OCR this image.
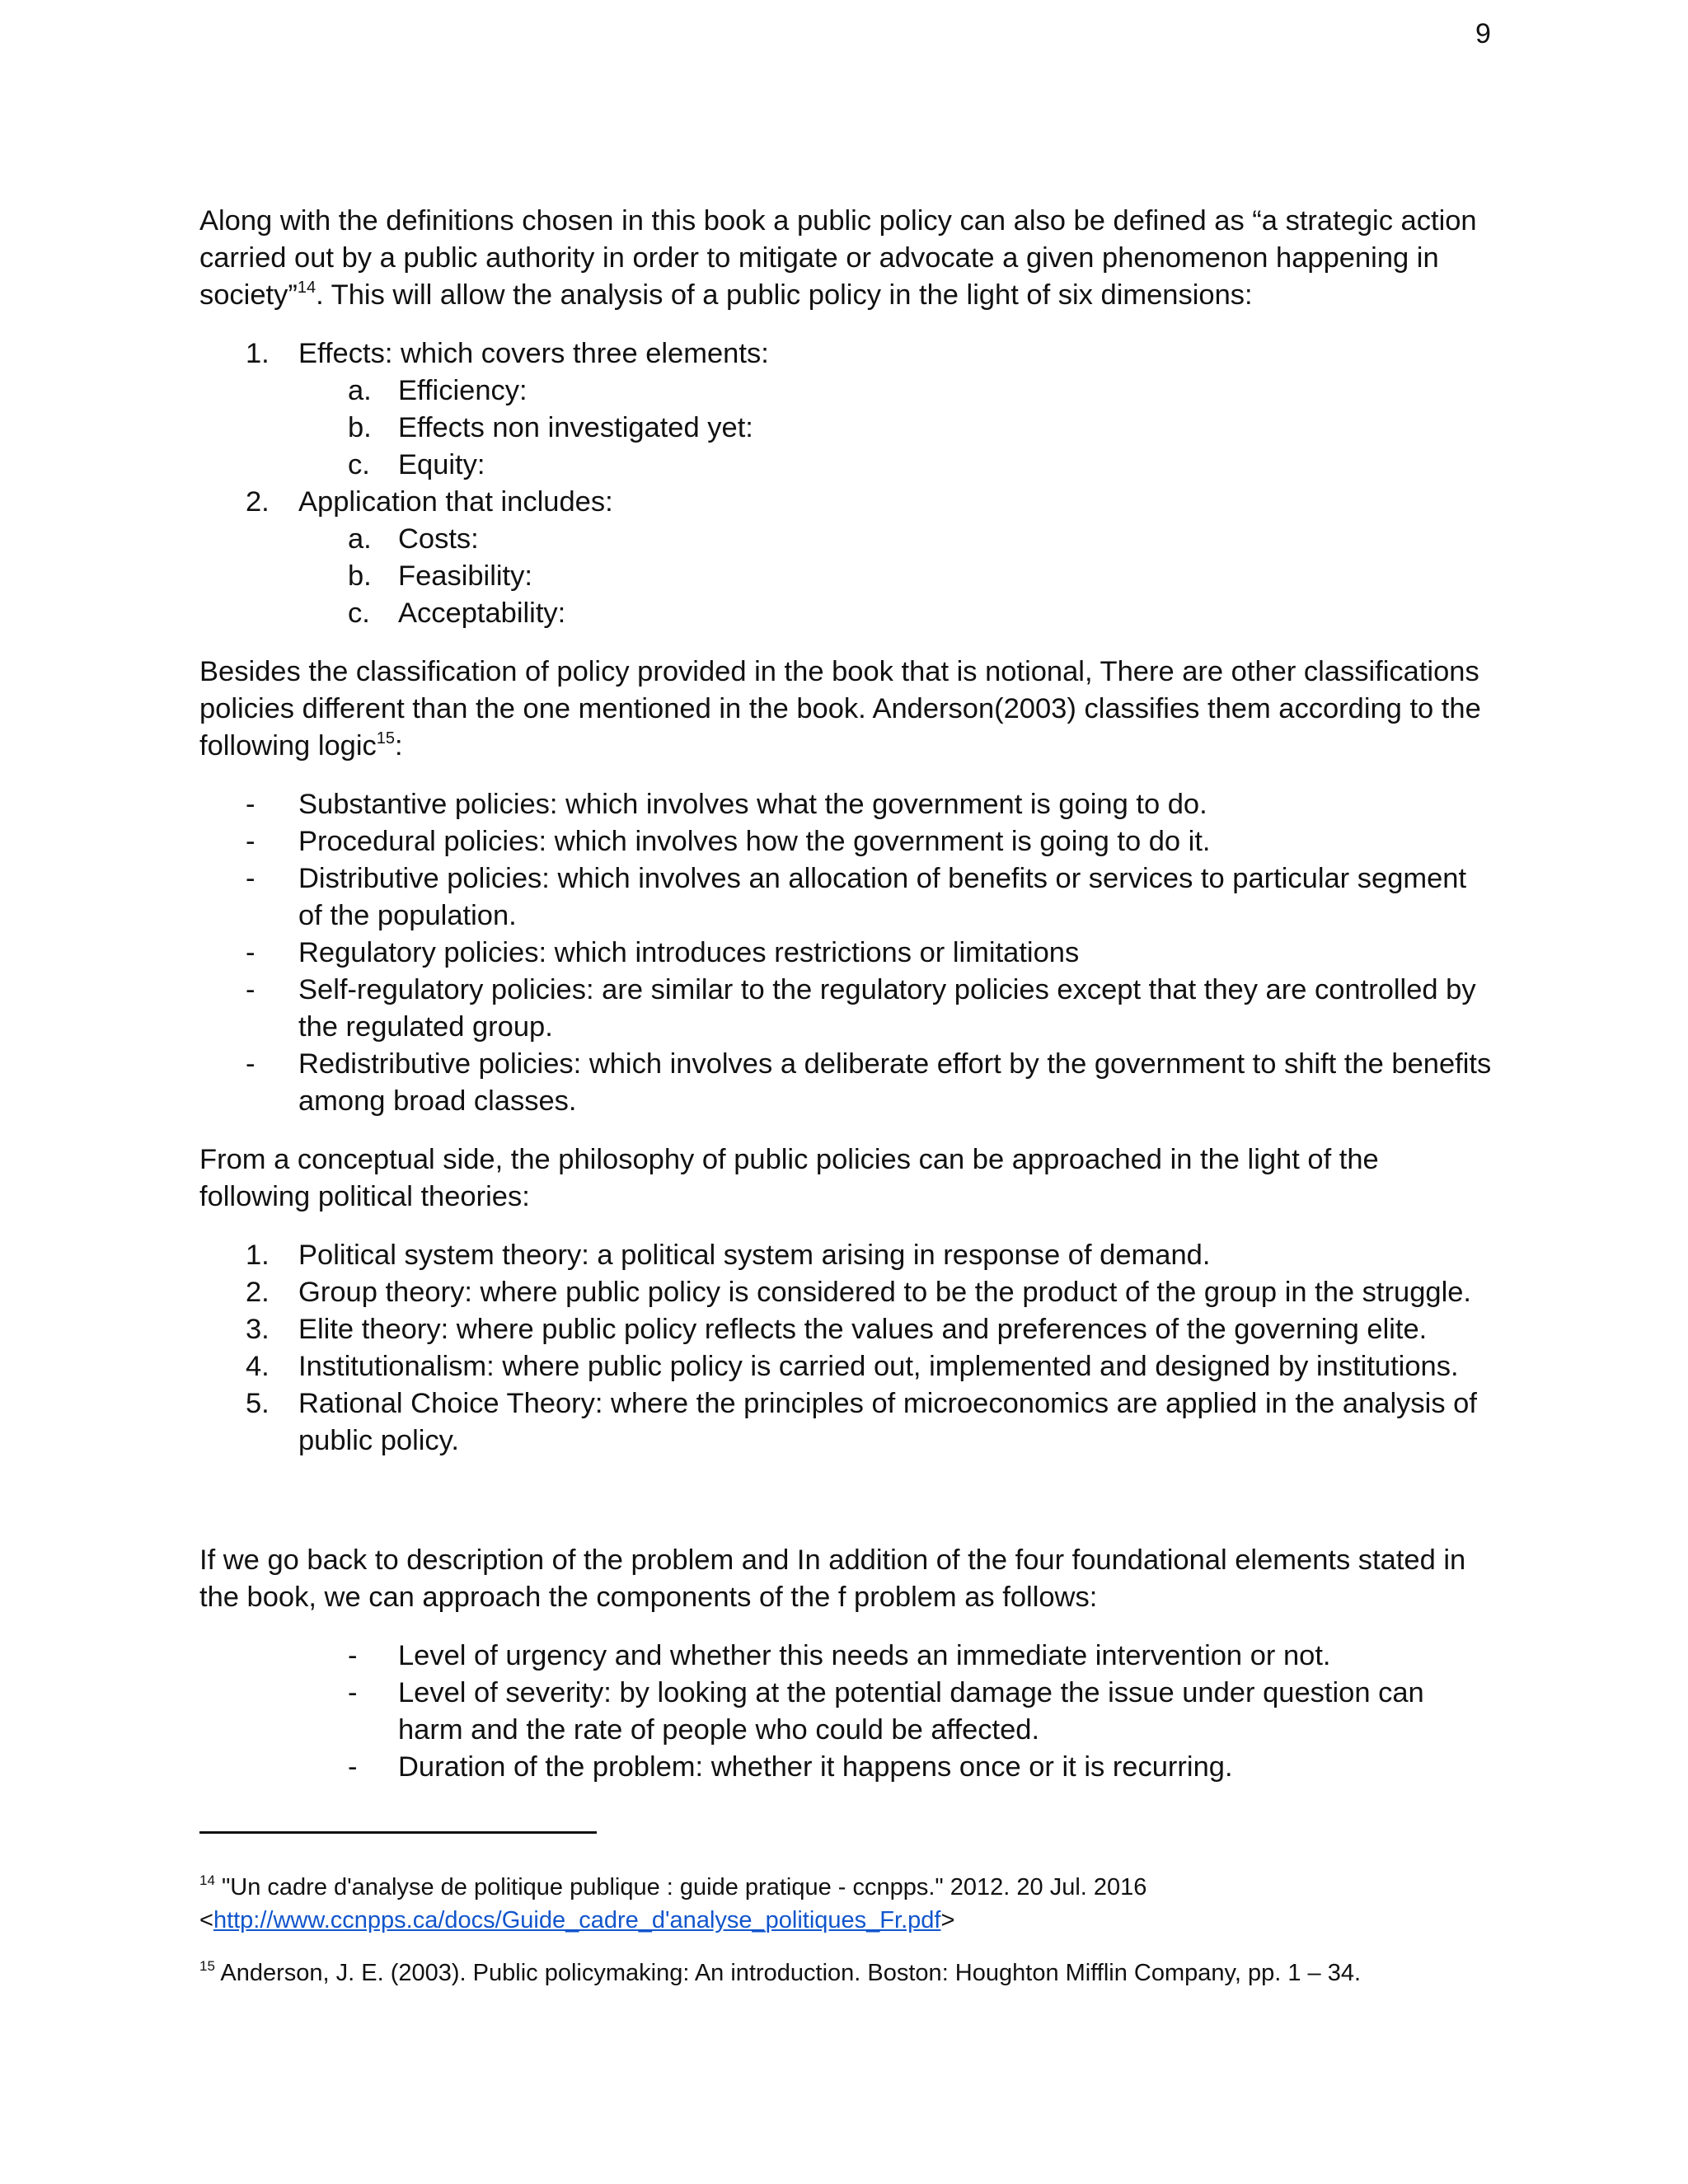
9

Along with the definitions chosen in this book a public policy can also be defined as “a strategic action carried out by a public authority in order to mitigate or advocate a given phenomenon happening in society”$^{14}$. This will allow the analysis of a public policy in the light of six dimensions:

1.	Effects: which covers three elements:
a. Efficiency:
b. Effects non investigated yet:
c. Equity:
2.	Application that includes:
a. Costs:
b. Feasibility:
c. Acceptability:

Besides the classification of policy provided in the book that is notional, There are other classifications policies different than the one mentioned in the book. Anderson(2003) classifies them according to the following logic$^{15}$:

-	Substantive policies: which involves what the government is going to do.
-	Procedural policies: which involves how the government is going to do it.
-	Distributive policies: which involves an allocation of benefits or services to particular segment of the population.
-	Regulatory policies: which introduces restrictions or limitations
-	Self-regulatory policies: are similar to the regulatory policies except that they are controlled by the regulated group.
-	Redistributive policies: which involves a deliberate effort by the government to shift the benefits among broad classes.

From a conceptual side, the philosophy of public policies can be approached in the light of the following political theories:

1.	Political system theory: a political system arising in response of demand.
2.	Group theory: where public policy is considered to be the product of the group in the struggle.
3.	Elite theory: where public policy reflects the values and preferences of the governing elite.
4.	Institutionalism: where public policy is carried out, implemented and designed by institutions.
5.	Rational Choice Theory: where the principles of microeconomics are applied in the analysis of public policy.

If we go back to description of the problem and In addition of the four foundational elements stated in the book, we can approach the components of the f problem as follows:

-	Level of urgency and whether this needs an immediate intervention or not.
-	Level of severity: by looking at the potential damage the issue under question can harm and the rate of people who could be affected.
-	Duration of the problem: whether it happens once or it is recurring.

$^{14}$ "Un cadre d'analyse de politique publique : guide pratique - ccnpps." 2012. 20 Jul. 2016
<http://www.ccnpps.ca/docs/Guide_cadre_d'analyse_politiques_Fr.pdf>

$^{15}$ Anderson, J. E. (2003). Public policymaking: An introduction. Boston: Houghton Mifflin Company, pp. 1 – 34.
